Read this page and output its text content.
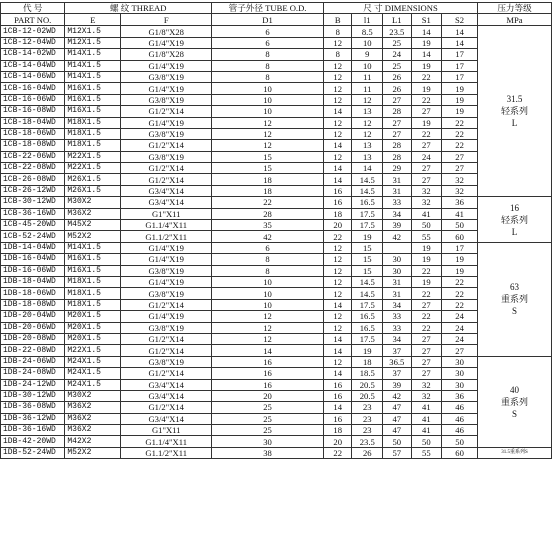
代 号	螺 纹 THREAD		管子外径 TUBE O.D.	尺 寸 DIMENSIONS					压力等级
PART NO.	E	F	D1	B	l1	L1	S1	S2	MPa
1CB-12-02WD	M12X1.5	G1/8"X28	6	8	8.5	23.5	14	14	31.5
轻系列
L

1CB-12-04WD	M12X1.5	G1/4"X19	6	12	10	25	19	14	
1CB-14-02WD	M14X1.5	G1/8"X28	8	8	9	24	14	17	
1CB-14-04WD	M14X1.5	G1/4"X19	8	12	10	25	19	17	
1CB-14-06WD	M14X1.5	G3/8"X19	8	12	11	26	22	17	
1CB-16-04WD	M16X1.5	G1/4"X19	10	12	11	26	19	19	
1CB-16-06WD	M16X1.5	G3/8"X19	10	12	12	27	22	19	
1CB-16-08WD	M16X1.5	G1/2"X14	10	14	13	28	27	19	
1CB-18-04WD	M18X1.5	G1/4"X19	12	12	12	27	19	22	
1CB-18-06WD	M18X1.5	G3/8"X19	12	12	12	27	22	22	
1CB-18-08WD	M18X1.5	G1/2"X14	12	14	13	28	27	22	
1CB-22-06WD	M22X1.5	G3/8"X19	15	12	13	28	24	27	
1CB-22-08WD	M22X1.5	G1/2"X14	15	14	14	29	27	27	
1CB-26-08WD	M26X1.5	G1/2"X14	18	14	14.5	31	27	32	
1CB-26-12WD	M26X1.5	G3/4"X14	18	16	14.5	31	32	32	
1CB-30-12WD	M30X2	G3/4"X14	22	16	16.5	33	32	36	16
轻系列
L

1CB-36-16WD	M36X2	G1"X11	28	18	17.5	34	41	41	
1CB-45-20WD	M45X2	G1.1/4"X11	35	20	17.5	39	50	50	
1CB-52-24WD	M52X2	G1.1/2"X11	42	22	19	42	55	60	
1DB-14-04WD	M14X1.5	G1/4"X19	6	12	15		19	17	63
重系列
S

1DB-16-04WD	M16X1.5	G1/4"X19	8	12	15	30	19	19	
1DB-16-06WD	M16X1.5	G3/8"X19	8	12	15	30	22	19	
1DB-18-04WD	M18X1.5	G1/4"X19	10	12	14.5	31	19	22	
1DB-18-06WD	M18X1.5	G3/8"X19	10	12	14.5	31	22	22	
1DB-18-08WD	M18X1.5	G1/2"X14	10	14	17.5	34	27	22	
1DB-20-04WD	M20X1.5	G1/4"X19	12	12	16.5	33	22	24	
1DB-20-06WD	M20X1.5	G3/8"X19	12	12	16.5	33	22	24	
1DB-20-08WD	M20X1.5	G1/2"X14	12	14	17.5	34	27	24	
1DB-22-08WD	M22X1.5	G1/2"X14	14	14	19	37	27	27	
1DB-24-06WD	M24X1.5	G3/8"X19	16	12	18	36.5	27	30	40
重系列
S

1DB-24-08WD	M24X1.5	G1/2"X14	16	14	18.5	37	27	30	
1DB-24-12WD	M24X1.5	G3/4"X14	16	16	20.5	39	32	30	
1DB-30-12WD	M30X2	G3/4"X14	20	16	20.5	42	32	36	
1DB-36-08WD	M36X2	G1/2"X14	25	14	23	47	41	46	
1DB-36-12WD	M36X2	G3/4"X14	25	16	23	47	41	46	
1DB-36-16WD	M36X2	G1"X11	25	18	23	47	41	46	
1DB-42-20WD	M42X2	G1.1/4"X11	30	20	23.5	50	50	50	
1DB-52-24WD	M52X2	G1.1/2"X11	38	22	26	57	55	60	31.5重系列S
